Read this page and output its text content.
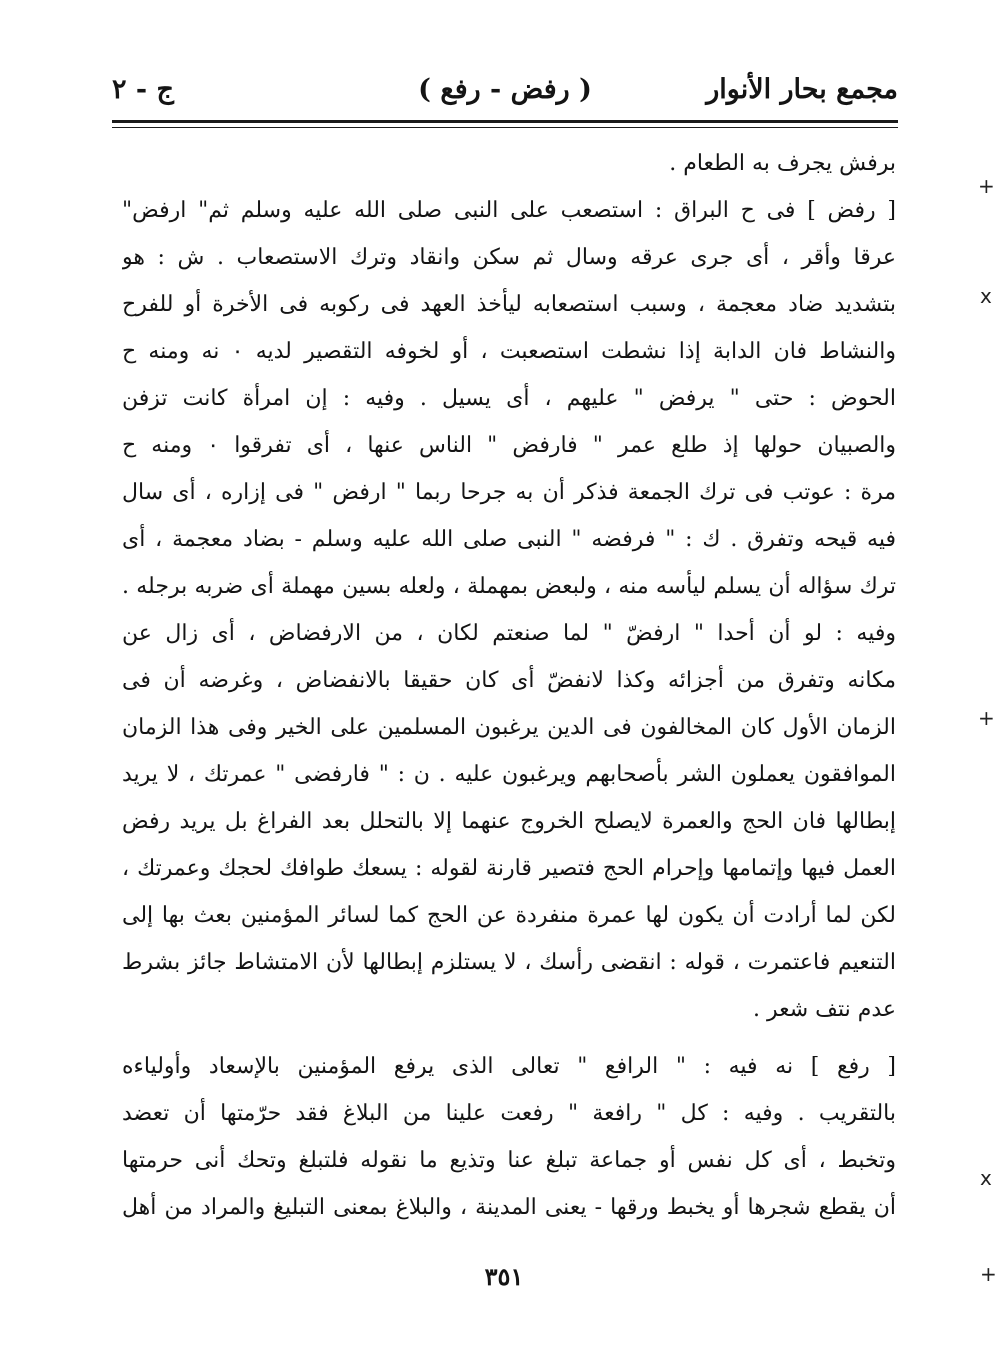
مجمع بحار الأنوار
( رفض - رفع )
ج - ٢
برفش يجرف به الطعام .
[ رفض ] فى ح البراق : استصعب على النبى صلى الله عليه وسلم ثم" ارفض"
عرقا وأقر ، أى جرى عرقه وسال ثم سكن وانقاد وترك الاستصعاب . ش : هو
بتشديد ضاد معجمة ، وسبب استصعابه ليأخذ العهد فى ركوبه فى الأخرة أو للفرح
والنشاط فان الدابة إذا نشطت استصعبت ، أو لخوفه التقصير لديه ٠ نه ومنه ح
الحوض : حتى " يرفض " عليهم ، أى يسيل . وفيه : إن امرأة كانت تزفن
والصبيان حولها إذ طلع عمر " فارفض " الناس عنها ، أى تفرقوا ٠ ومنه ح
مرة : عوتب فى ترك الجمعة فذكر أن به جرحا ربما " ارفض " فى إزاره ، أى سال
فيه قيحه وتفرق . ك : " فرفضه " النبى صلى الله عليه وسلم - بضاد معجمة ، أى
ترك سؤاله أن يسلم ليأسه منه ، ولبعض بمهملة ، ولعله بسين مهملة أى ضربه برجله .
وفيه : لو أن أحدا " ارفضّ " لما صنعتم لكان ، من الارفضاض ، أى زال عن
مكانه وتفرق من أجزائه وكذا لانفضّ أى كان حقيقا بالانفضاض ، وغرضه أن فى
الزمان الأول كان المخالفون فى الدين يرغبون المسلمين على الخير وفى هذا الزمان
الموافقون يعملون الشر بأصحابهم ويرغبون عليه . ن : " فارفضى " عمرتك ، لا يريد
إبطالها فان الحج والعمرة لايصلح الخروج عنهما إلا بالتحلل بعد الفراغ بل يريد رفض
العمل فيها وإتمامها وإحرام الحج فتصير قارنة لقوله : يسعك طوافك لحجك وعمرتك ،
لكن لما أرادت أن يكون لها عمرة منفردة عن الحج كما لسائر المؤمنين بعث بها إلى
التنعيم فاعتمرت ، قوله : انقضى رأسك ، لا يستلزم إبطالها لأن الامتشاط جائز بشرط
عدم نتف شعر .
[ رفع ] نه فيه : " الرافع " تعالى الذى يرفع المؤمنين بالإسعاد وأولياءه
بالتقريب . وفيه : كل " رافعة " رفعت علينا من البلاغ فقد حرّمتها أن تعضد
وتخبط ، أى كل نفس أو جماعة تبلغ عنا وتذيع ما نقوله فلتبلغ وتحك أنى حرمتها
أن يقطع شجرها أو يخبط ورقها - يعنى المدينة ، والبلاغ بمعنى التبليغ والمراد من أهل
٣٥١
+
x
+
x
+
